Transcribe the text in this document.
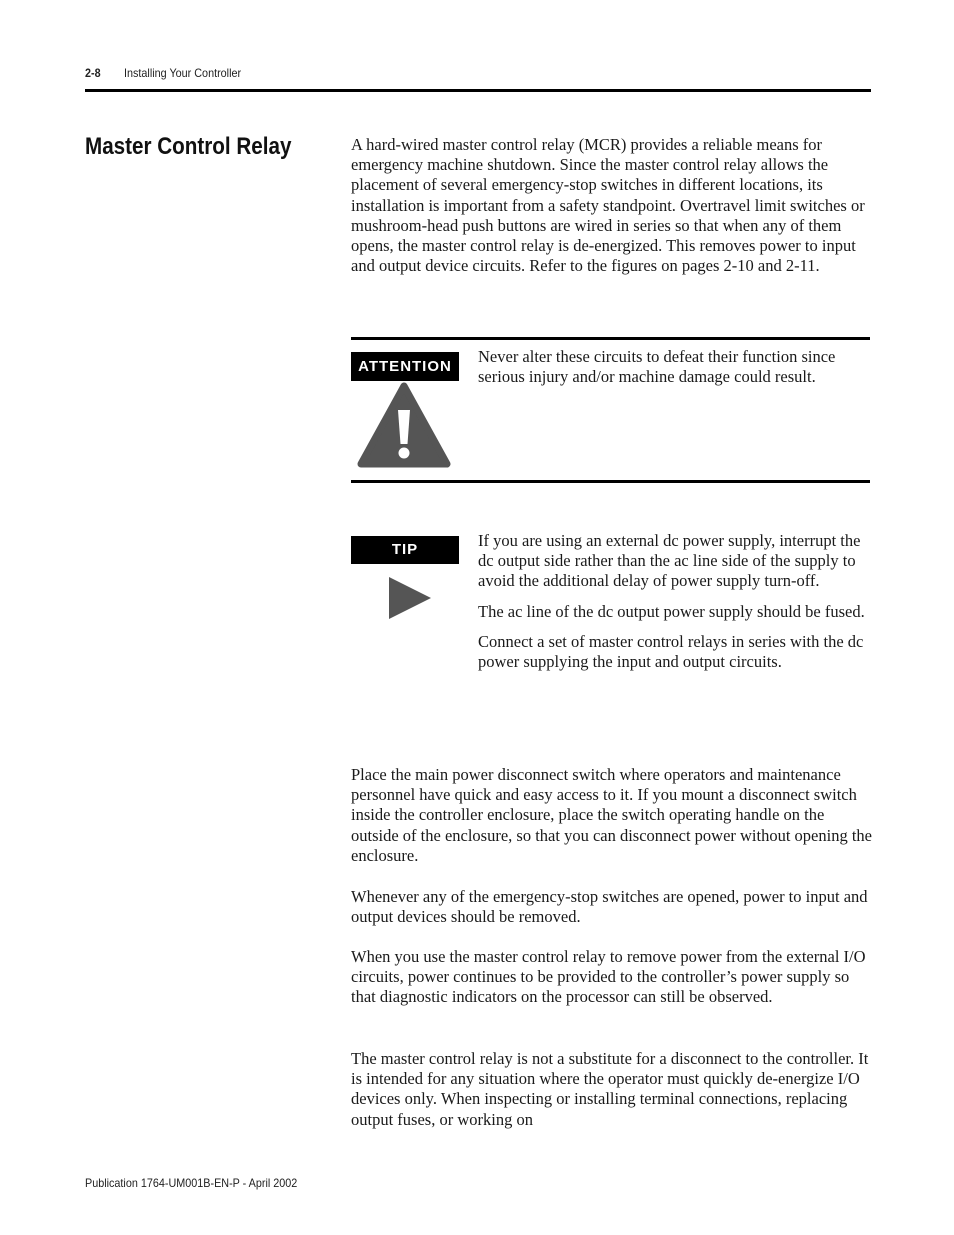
2-8 Installing Your Controller
Master Control Relay	A hard-wired master control relay (MCR) provides a reliable means for emergency machine shutdown. Since the master control relay allows the placement of several emergency-stop switches in different locations, its installation is important from a safety standpoint. Overtravel limit switches or mushroom-head push buttons are wired in series so that when any of them opens, the master control relay is de-energized. This removes power to input and output device circuits. Refer to the figures on pages 2-10 and 2-11.

ATTENTION

Never alter these circuits to defeat their function since serious injury and/or machine damage could result.

TIP	If you are using an external dc power supply, interrupt the dc output side rather than the ac line side of the supply to avoid the additional delay of power supply turn-off.

The ac line of the dc output power supply should be fused.

Connect a set of master control relays in series with the dc power supplying the input and output circuits.

Place the main power disconnect switch where operators and maintenance personnel have quick and easy access to it. If you mount a disconnect switch inside the controller enclosure, place the switch operating handle on the outside of the enclosure, so that you can disconnect power without opening the enclosure.

Whenever any of the emergency-stop switches are opened, power to input and output devices should be removed.

When you use the master control relay to remove power from the external I/O circuits, power continues to be provided to the controller’s power supply so that diagnostic indicators on the processor can still be observed.

The master control relay is not a substitute for a disconnect to the controller. It is intended for any situation where the operator must quickly de-energize I/O devices only. When inspecting or installing terminal connections, replacing output fuses, or working on

Publication 1764-UM001B-EN-P - April 2002
